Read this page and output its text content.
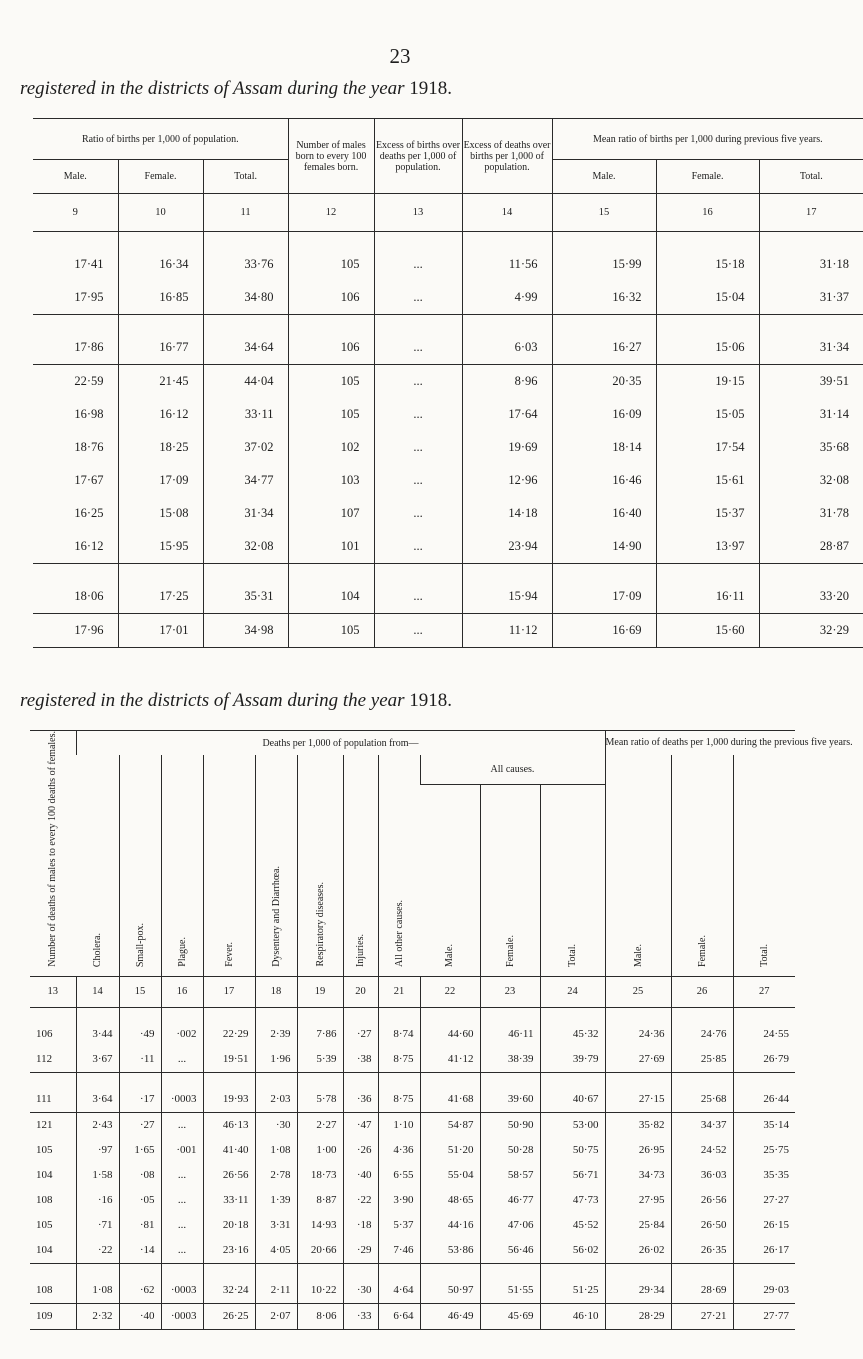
23
registered in the districts of Assam during the year 1918.
Ratio of births per 1,000 of population.			Number of males born to every 100 females born.	Excess of births over deaths per 1,000 of population.	Excess of deaths over births per 1,000 of population.	Mean ratio of births per 1,000 during previous five years.		
Male.	Female.	Total.				Male.	Female.	Total.
9	10	11	12	13	14	15	16	17

17·41	16·34	33·76	105	...	11·56	15·99	15·18	31·18
17·95	16·85	34·80	106	...	4·99	16·32	15·04	31·37

17·86	16·77	34·64	106	...	6·03	16·27	15·06	31·34
22·59	21·45	44·04	105	...	8·96	20·35	19·15	39·51
16·98	16·12	33·11	105	...	17·64	16·09	15·05	31·14
18·76	18·25	37·02	102	...	19·69	18·14	17·54	35·68
17·67	17·09	34·77	103	...	12·96	16·46	15·61	32·08
16·25	15·08	31·34	107	...	14·18	16·40	15·37	31·78
16·12	15·95	32·08	101	...	23·94	14·90	13·97	28·87

18·06	17·25	35·31	104	...	15·94	17·09	16·11	33·20
17·96	17·01	34·98	105	...	11·12	16·69	15·60	32·29
registered in the districts of Assam during the year 1918.
Number of deaths of males to every 100 deaths of females.	Deaths per 1,000 of population from—											Mean ratio of deaths per 1,000 during the previous five years.		
	Cholera.	Small-pox.	Plague.	Fever.	Dysentery and Diarrhœa.	Respiratory diseases.	Injuries.	All other causes.	All causes.			Male.	Female.	Total.
									Male.	Female.	Total.			
13	14	15	16	17	18	19	20	21	22	23	24	25	26	27

106	3·44	·49	·002	22·29	2·39	7·86	·27	8·74	44·60	46·11	45·32	24·36	24·76	24·55
112	3·67	·11	...	19·51	1·96	5·39	·38	8·75	41·12	38·39	39·79	27·69	25·85	26·79

111	3·64	·17	·0003	19·93	2·03	5·78	·36	8·75	41·68	39·60	40·67	27·15	25·68	26·44
121	2·43	·27	...	46·13	·30	2·27	·47	1·10	54·87	50·90	53·00	35·82	34·37	35·14
105	·97	1·65	·001	41·40	1·08	1·00	·26	4·36	51·20	50·28	50·75	26·95	24·52	25·75
104	1·58	·08	...	26·56	2·78	18·73	·40	6·55	55·04	58·57	56·71	34·73	36·03	35·35
108	·16	·05	...	33·11	1·39	8·87	·22	3·90	48·65	46·77	47·73	27·95	26·56	27·27
105	·71	·81	...	20·18	3·31	14·93	·18	5·37	44·16	47·06	45·52	25·84	26·50	26·15
104	·22	·14	...	23·16	4·05	20·66	·29	7·46	53·86	56·46	56·02	26·02	26·35	26·17

108	1·08	·62	·0003	32·24	2·11	10·22	·30	4·64	50·97	51·55	51·25	29·34	28·69	29·03
109	2·32	·40	·0003	26·25	2·07	8·06	·33	6·64	46·49	45·69	46·10	28·29	27·21	27·77
